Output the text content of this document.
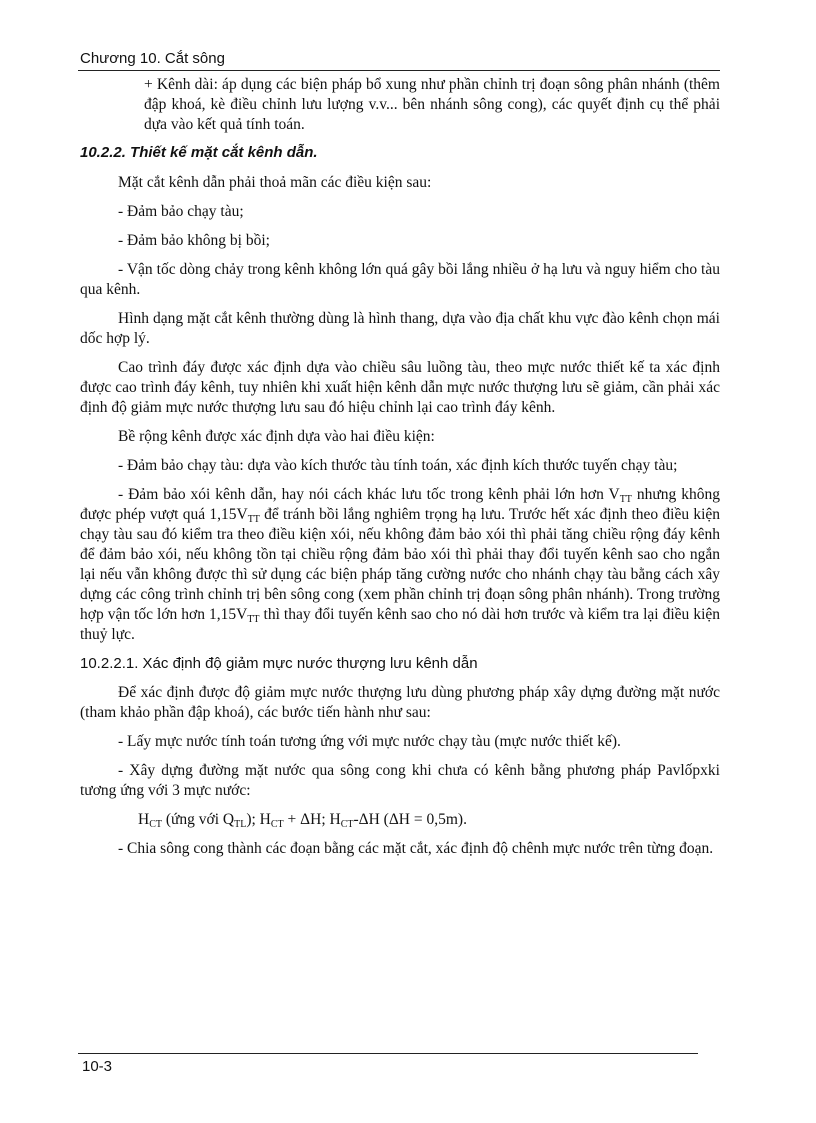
Chương 10. Cắt sông

+ Kênh dài: áp dụng các biện pháp bổ xung như phần chỉnh trị đoạn sông phân nhánh (thêm đập khoá, kè điều chỉnh lưu lượng v.v... bên nhánh sông cong), các quyết định cụ thể phải dựa vào kết quả tính toán.

10.2.2. Thiết kế mặt cắt kênh dẫn.

Mặt cắt kênh dẫn phải thoả mãn các điều kiện sau:

- Đảm bảo chạy tàu;

- Đảm bảo không bị bồi;

- Vận tốc dòng chảy trong kênh không lớn quá gây bồi lắng nhiều ở hạ lưu và nguy hiểm cho tàu qua kênh.

Hình dạng mặt cắt kênh thường dùng là hình thang, dựa vào địa chất khu vực đào kênh chọn mái dốc hợp lý.

Cao trình đáy được xác định dựa vào chiều sâu luồng tàu, theo mực nước thiết kế ta xác định được cao trình đáy kênh, tuy nhiên khi xuất hiện kênh dẫn mực nước thượng lưu sẽ giảm, cần phải xác định độ giảm mực nước thượng lưu sau đó hiệu chỉnh lại cao trình đáy kênh.

Bề rộng kênh được xác định dựa vào hai điều kiện:

- Đảm bảo chạy tàu: dựa vào kích thước tàu tính toán, xác định kích thước tuyến chạy tàu;

- Đảm bảo xói kênh dẫn, hay nói cách khác lưu tốc trong kênh phải lớn hơn $V_{TT}$ nhưng không được phép vượt quá $1,15V_{TT}$ để tránh bồi lắng nghiêm trọng hạ lưu. Trước hết xác định theo điều kiện chạy tàu sau đó kiểm tra theo điều kiện xói, nếu không đảm bảo xói thì phải tăng chiều rộng đáy kênh để đảm bảo xói, nếu không tồn tại chiều rộng đảm bảo xói thì phải thay đổi tuyến kênh sao cho ngắn lại nếu vẫn không được thì sử dụng các biện pháp tăng cường nước cho nhánh chạy tàu bằng cách xây dựng các công trình chỉnh trị bên sông cong (xem phần chỉnh trị đoạn sông phân nhánh). Trong trường hợp vận tốc lớn hơn $1,15V_{TT}$ thì thay đổi tuyến kênh sao cho nó dài hơn trước và kiểm tra lại điều kiện thuỷ lực.

10.2.2.1. Xác định độ giảm mực nước thượng lưu kênh dẫn

Để xác định được độ giảm mực nước thượng lưu dùng phương pháp xây dựng đường mặt nước (tham khảo phần đập khoá), các bước tiến hành như sau:

- Lấy mực nước tính toán tương ứng với mực nước chạy tàu (mực nước thiết kế).

- Xây dựng đường mặt nước qua sông cong khi chưa có kênh bằng phương pháp Pavlốpxki tương ứng với 3 mực nước:

$H_{CT}$ (ứng với $Q_{TL}$); $H_{CT} + \Delta H$; $H_{CT}-\Delta H$ (ΔH = 0,5m).

- Chia sông cong thành các đoạn bằng các mặt cắt, xác định độ chênh mực nước trên từng đoạn.

10-3
